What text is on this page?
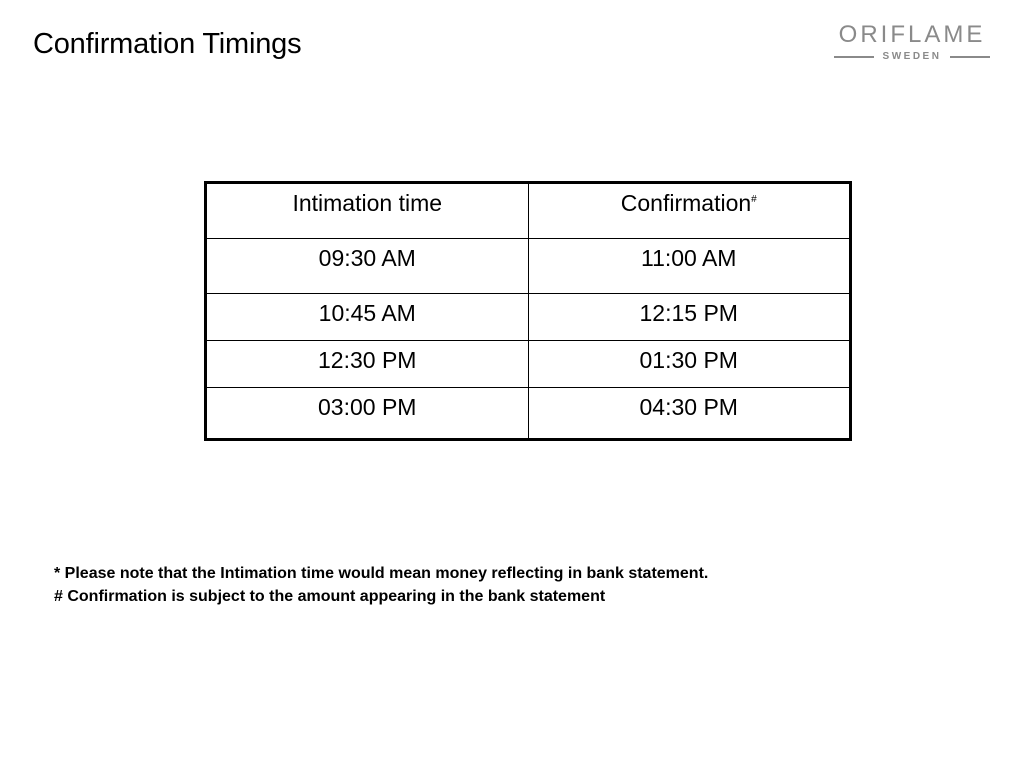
Confirmation Timings	ORIFLAME
SWEDEN
Intimation time	Confirmation#
09:30 AM	11:00 AM
10:45 AM	12:15 PM
12:30 PM	01:30 PM
03:00 PM	04:30 PM
* Please note that the Intimation time would mean money reflecting in bank statement.
# Confirmation is subject to the amount appearing in the bank statement
